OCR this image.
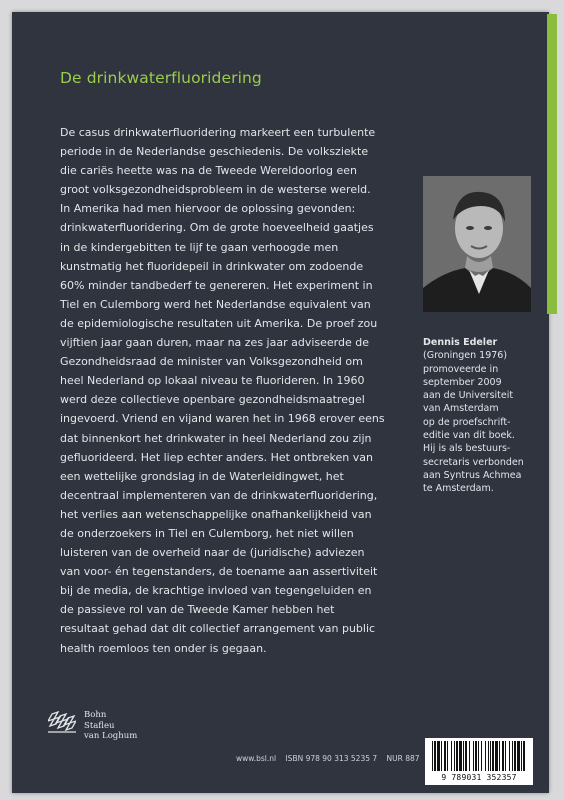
De drinkwaterfluoridering

De casus drinkwaterfluoridering markeert een turbulente
periode in de Nederlandse geschiedenis. De volksziekte
die cariës heette was na de Tweede Wereldoorlog een
groot volksgezondheidsprobleem in de westerse wereld.
In Amerika had men hiervoor de oplossing gevonden:
drinkwaterfluoridering. Om de grote hoeveelheid gaatjes
in de kindergebitten te lijf te gaan verhoogde men
kunstmatig het fluoridepeil in drinkwater om zodoende
60% minder tandbederf te genereren. Het experiment in
Tiel en Culemborg werd het Nederlandse equivalent van
de epidemiologische resultaten uit Amerika. De proef zou
vijftien jaar gaan duren, maar na zes jaar adviseerde de
Gezondheidsraad de minister van Volksgezondheid om
heel Nederland op lokaal niveau te fluorideren. In 1960
werd deze collectieve openbare gezondheidsmaatregel
ingevoerd. Vriend en vijand waren het in 1968 erover eens
dat binnenkort het drinkwater in heel Nederland zou zijn
gefluorideerd. Het liep echter anders. Het ontbreken van
een wettelijke grondslag in de Waterleidingwet, het
decentraal implementeren van de drinkwaterfluoridering,
het verlies aan wetenschappelijke onafhankelijkheid van
de onderzoekers in Tiel en Culemborg, het niet willen
luisteren van de overheid naar de (juridische) adviezen
van voor- én tegenstanders, de toename aan assertiviteit
bij de media, de krachtige invloed van tegengeluiden en
de passieve rol van de Tweede Kamer hebben het
resultaat gehad dat dit collectief arrangement van public
health roemloos ten onder is gegaan.

Dennis Edeler
(Groningen 1976)
promoveerde in
september 2009
aan de Universiteit
van Amsterdam
op de proefschrift-
editie van dit boek.
Hij is als bestuurs-
secretaris verbonden
aan Syntrus Achmea
te Amsterdam.
Bohn
Stafleu
van Loghum
www.bsl.nl ISBN 978 90 313 5235 7 NUR 887
9 789031 352357
